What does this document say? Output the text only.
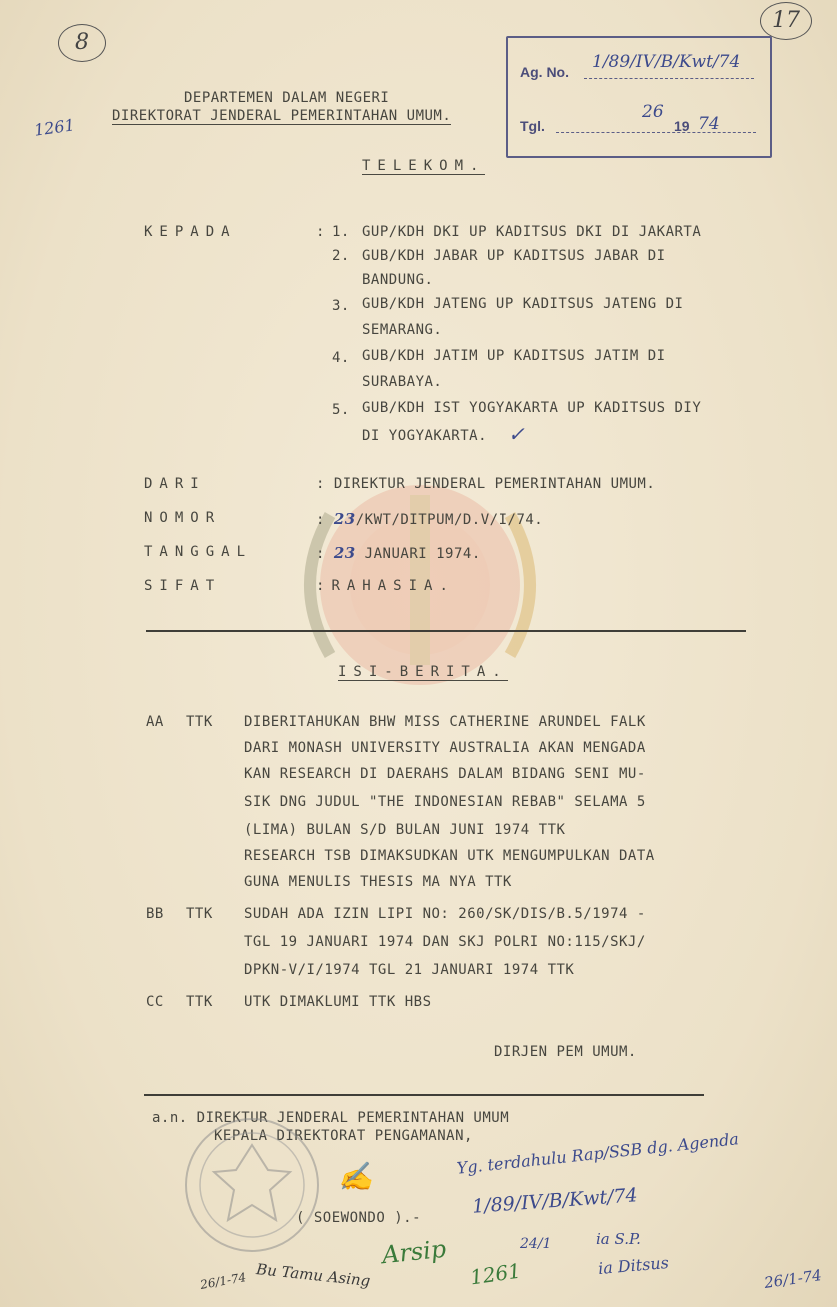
8
17
1261
DEPARTEMEN DALAM NEGERI
DIREKTORAT JENDERAL PEMERINTAHAN UMUM.
Ag. No. 1/89/IV/B/Kwt/74
Tgl.
26
19 74
TELEKOM.
KEPADA	: 1. GUP/KDH DKI UP KADITSUS DKI DI JAKARTA
2. GUB/KDH JABAR UP KADITSUS JABAR DI
BANDUNG.
3. GUB/KDH JATENG UP KADITSUS JATENG DI
SEMARANG.
4. GUB/KDH JATIM UP KADITSUS JATIM DI
SURABAYA.
5. GUB/KDH IST YOGYAKARTA UP KADITSUS DIY
DI YOGYAKARTA. ✓
DARI	: DIREKTUR JENDERAL PEMERINTAHAN UMUM.
NOMOR	: 23/KWT/DITPUM/D.V/I/74.
TANGGAL	: 23 JANUARI 1974.
SIFAT	:RAHASIA.
ISI-BERITA.
AA TTK DIBERITAHUKAN BHW MISS CATHERINE ARUNDEL FALK
DARI MONASH UNIVERSITY AUSTRALIA AKAN MENGADA
KAN RESEARCH DI DAERAHS DALAM BIDANG SENI MU-
SIK DNG JUDUL "THE INDONESIAN REBAB" SELAMA 5
(LIMA) BULAN S/D BULAN JUNI 1974 TTK
RESEARCH TSB DIMAKSUDKAN UTK MENGUMPULKAN DATA
GUNA MENULIS THESIS MA NYA TTK
BB TTK SUDAH ADA IZIN LIPI NO: 260/SK/DIS/B.5/1974 -
TGL 19 JANUARI 1974 DAN SKJ POLRI NO:115/SKJ/
DPKN-V/I/1974 TGL 21 JANUARI 1974 TTK
CC TTK UTK DIMAKLUMI TTK HBS
DIRJEN PEM UMUM.
a.n. DIREKTUR JENDERAL PEMERINTAHAN UMUM
KEPALA DIREKTORAT PENGAMANAN,
✍
( SOEWONDO ).-
Yg. terdahulu Rap/SSB dg. Agenda
1/89/IV/B/Kwt/74
24/1	ia S.P.
ia Ditsus
26/1-74
26/1-74 Bu Tamu Asing
Arsip
1261
